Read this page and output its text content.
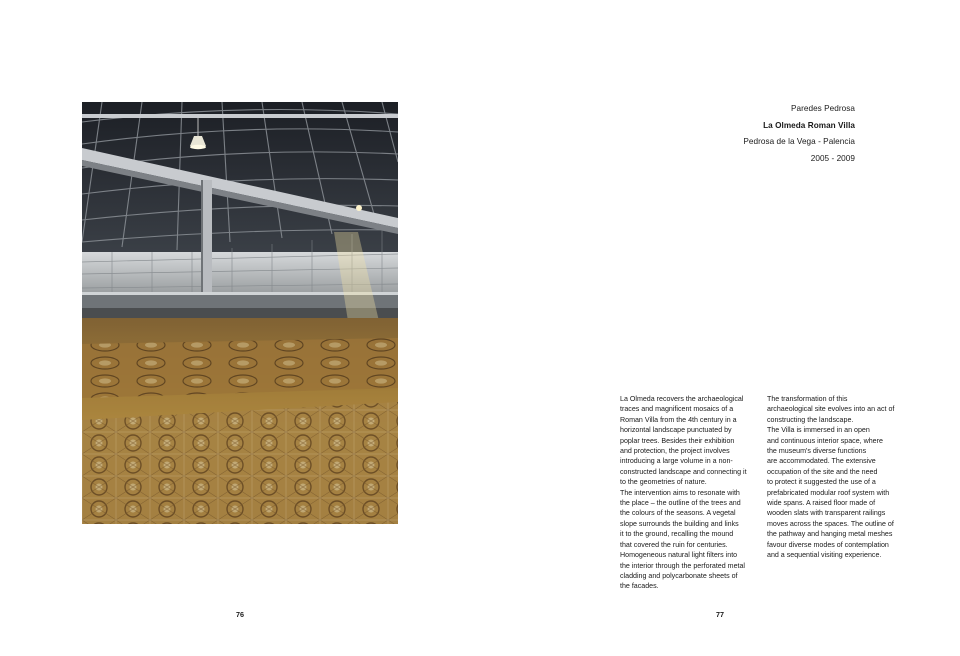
Paredes Pedrosa
La Olmeda Roman Villa
Pedrosa de la Vega - Palencia
2005 - 2009
La Olmeda recovers the archaeological
traces and magnificent mosaics of a
Roman Villa from the 4th century in a
horizontal landscape punctuated by
poplar trees. Besides their exhibition
and protection, the project involves
introducing a large volume in a non-
constructed landscape and connecting it
to the geometries of nature.
The intervention aims to resonate with
the place – the outline of the trees and
the colours of the seasons. A vegetal
slope surrounds the building and links
it to the ground, recalling the mound
that covered the ruin for centuries.
Homogeneous natural light filters into
the interior through the perforated metal
cladding and polycarbonate sheets of
the facades.
The transformation of this
archaeological site evolves into an act of
constructing the landscape.
The Villa is immersed in an open
and continuous interior space, where
the museum's diverse functions
are accommodated. The extensive
occupation of the site and the need
to protect it suggested the use of a
prefabricated modular roof system with
wide spans. A raised floor made of
wooden slats with transparent railings
moves across the spaces. The outline of
the pathway and hanging metal meshes
favour diverse modes of contemplation
and a sequential visiting experience.
76	77
